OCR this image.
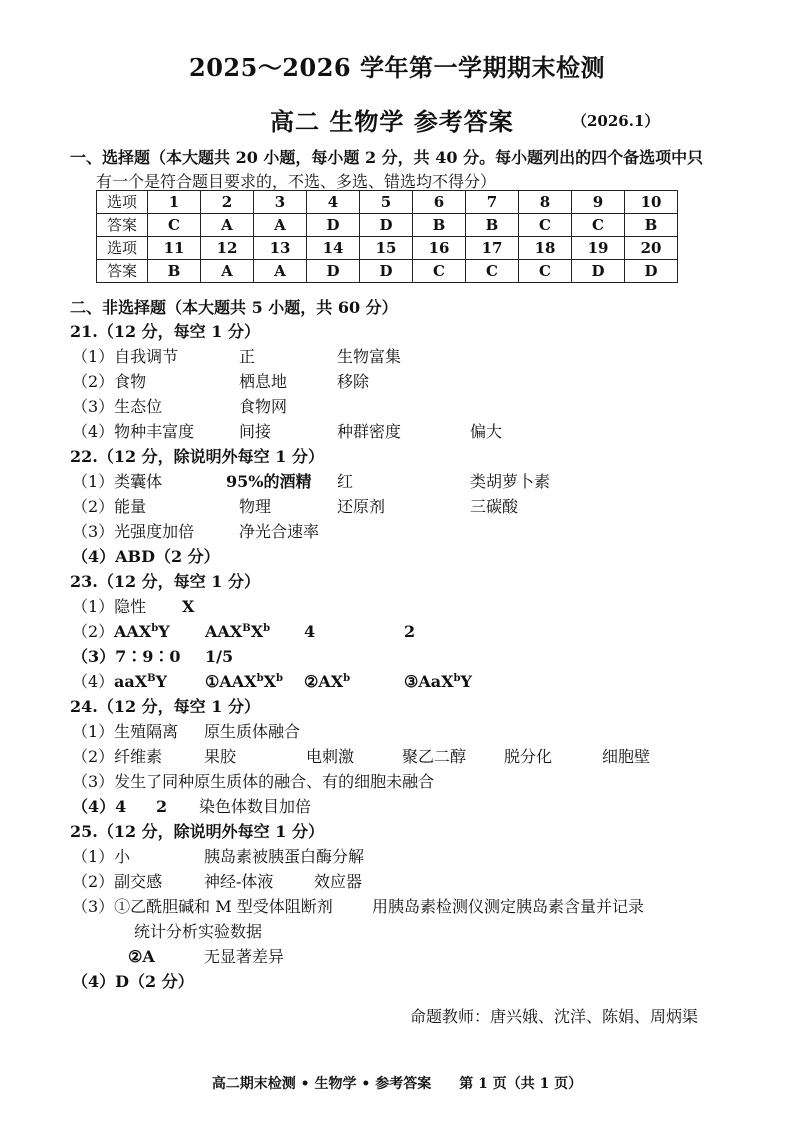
2025～2026 学年第一学期期末检测
高二 生物学 参考答案	（2026.1）
一、选择题（本大题共 20 小题，每小题 2 分，共 40 分。每小题列出的四个备选项中只
有一个是符合题目要求的，不选、多选、错选均不得分）
选项	1	2	3	4	5	6	7	8	9	10
答案	C	A	A	D	D	B	B	C	C	B
选项	11	12	13	14	15	16	17	18	19	20
答案	B	A	A	D	D	C	C	C	D	D
二、非选择题（本大题共 5 小题，共 60 分）
21.（12 分，每空 1 分）
（1）自我调节	正	生物富集
（2）食物	栖息地	移除
（3）生态位	食物网
（4）物种丰富度	间接	种群密度	偏大
22.（12 分，除说明外每空 1 分）
（1）类囊体	95%的酒精 红	类胡萝卜素
（2）能量	物理	还原剂	三碳酸
（3）光强度加倍	净光合速率
（4）ABD（2 分）
23.（12 分，每空 1 分）
（1）隐性 X
（2） AAX$^b$Y $AAX^BX^b$ 4	2
（3）7∶9∶0 1/5
（4） aaX$^B$Y $①AAX^bX^b$ $②AX^b$	③AaX$^b$Y
24.（12 分，每空 1 分）
（1）生殖隔离 原生质体融合
（2）纤维素	果胶	电刺激	聚乙二醇 脱分化	细胞壁
（3）发生了同种原生质体的融合、有的细胞未融合
（4）4 2 染色体数目加倍
25.（12 分，除说明外每空 1 分）
（1）小	胰岛素被胰蛋白酶分解
（2）副交感	神经-体液	效应器
（3）①乙酰胆碱和 M 型受体阻断剂 用胰岛素检测仪测定胰岛素含量并记录
统计分析实验数据
②A	无显著差异
（4）D（2 分）
命题教师：唐兴娥、沈洋、陈娟、周炳渠
高二期末检测 • 生物学 • 参考答案　　第 1 页（共 1 页）
